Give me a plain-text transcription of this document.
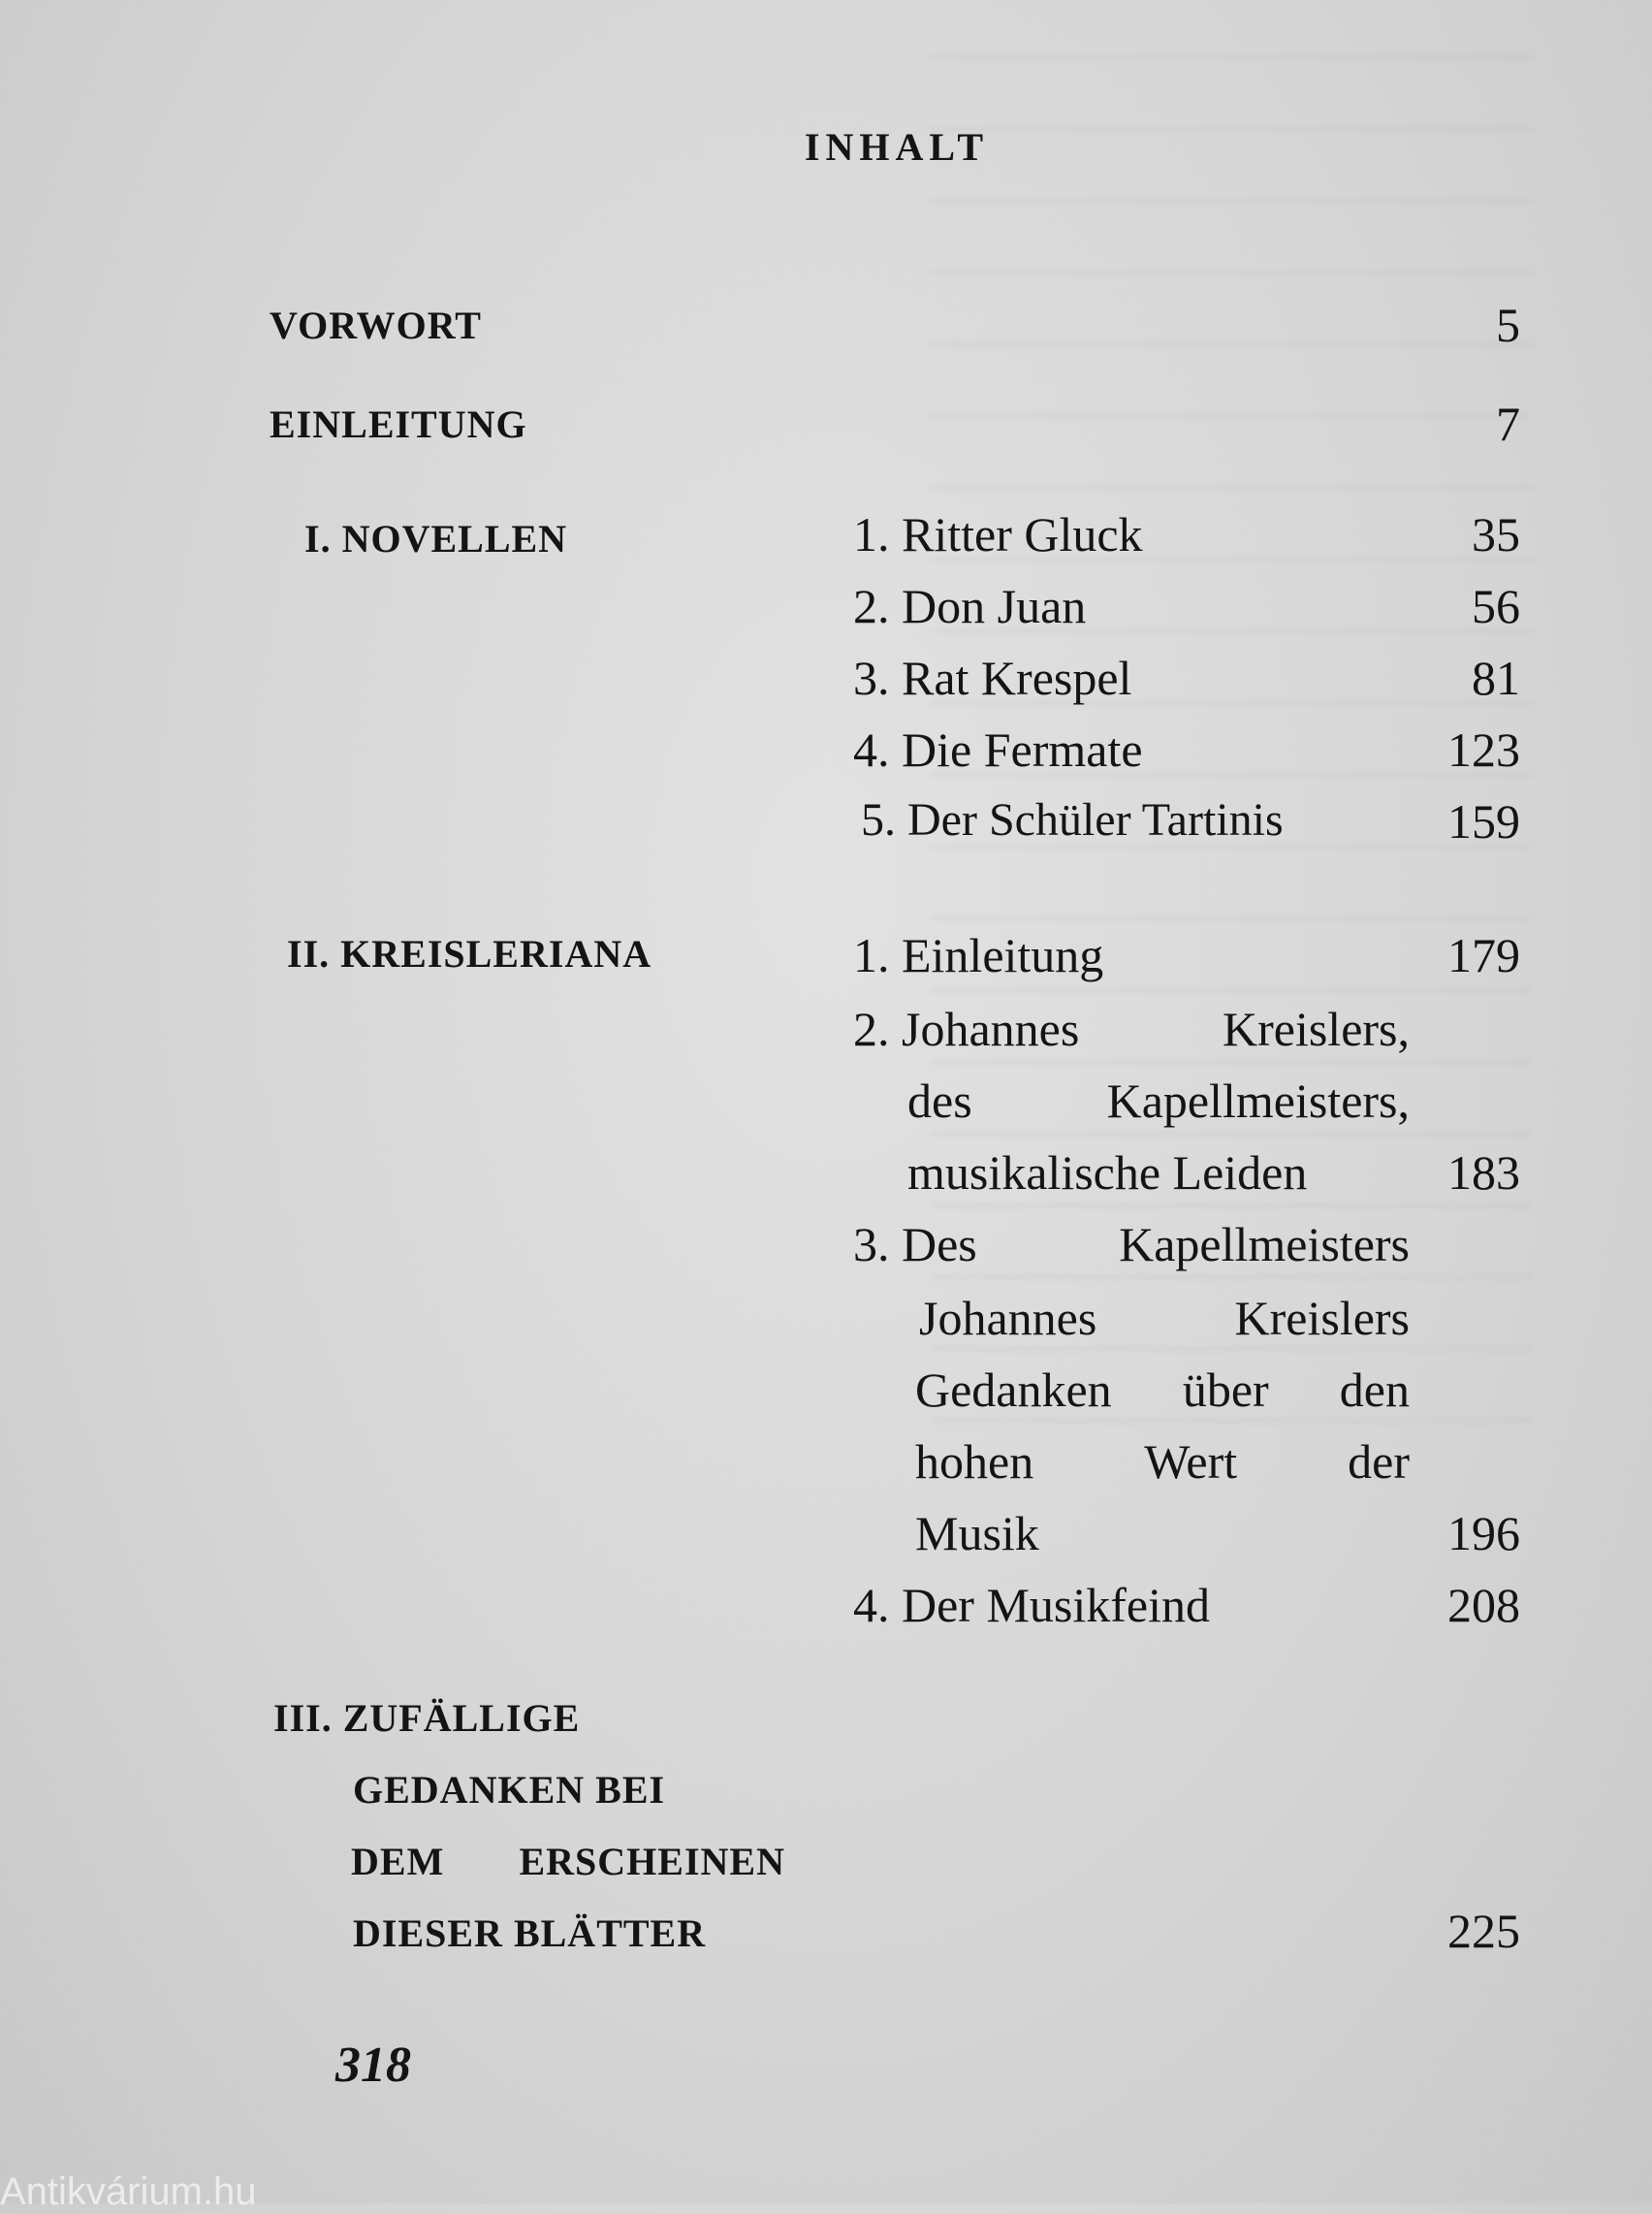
INHALT
VORWORT	5
EINLEITUNG	7
I. NOVELLEN	1. Ritter Gluck	35
2. Don Juan	56
3. Rat Krespel	81
4. Die Fermate	123
5. Der Schüler Tartinis	159
II. KREISLERIANA	1. Einleitung	179
2. Johannes	Kreislers,
des	Kapellmeisters,
musikalische Leiden	183
3. Des	Kapellmeisters
Johannes	Kreislers
Gedanken über den
hohen Wert der
Musik	196
4. Der Musikfeind	208
III. ZUFÄLLIGE
GEDANKEN BEI
DEM ERSCHEINEN
DIESER BLÄTTER	225
318
Antikvárium.hu
